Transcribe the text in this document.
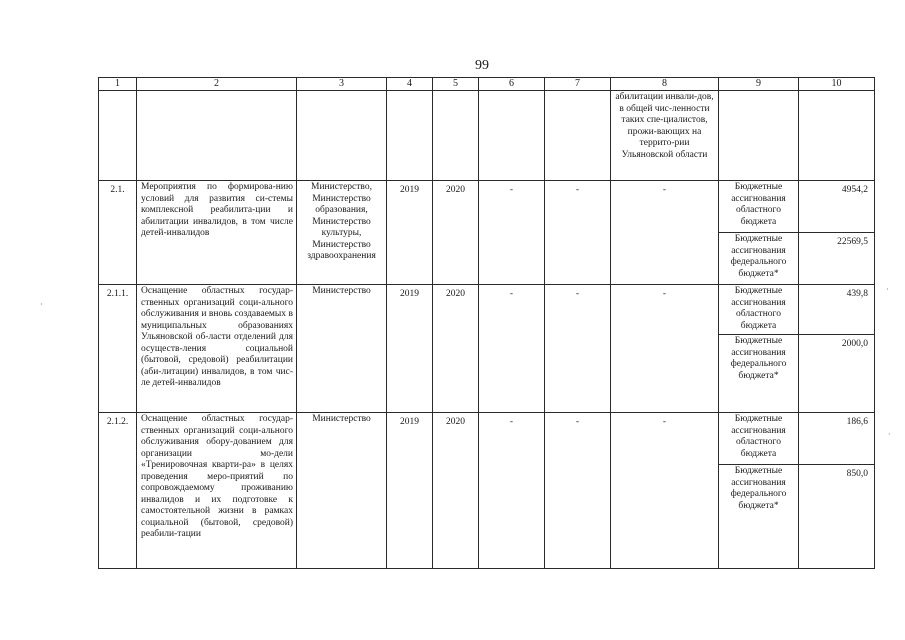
99
1	2	3	4	5	6	7	8	9	10
							абилитации инвали-дов, в общей чис-ленности таких спе-циалистов, прожи-вающих на террито-рии Ульяновской области		
2.1.	Мероприятия по формирова-нию условий для развития си-стемы комплексной реабилита-ции и абилитации инвалидов, в том числе детей-инвалидов	Министерство, Министерство образования, Министерство культуры, Министерство здравоохранения	2019	2020	-	-	-	Бюджетные ассигнования областного бюджета	4954,2
								Бюджетные ассигнования федерального бюджета*	22569,5
2.1.1.	Оснащение областных государ-ственных организаций соци-ального обслуживания и вновь создаваемых в муниципальных образованиях Ульяновской об-ласти отделений для осуществ-ления социальной (бытовой, средовой) реабилитации (аби-литации) инвалидов, в том чис-ле детей-инвалидов	Министерство	2019	2020	-	-	-	Бюджетные ассигнования областного бюджета	439,8
								Бюджетные ассигнования федерального бюджета*	2000,0
2.1.2.	Оснащение областных государ-ственных организаций соци-ального обслуживания обору-дованием для организации мо-дели «Тренировочная кварти-ра» в целях проведения меро-приятий по сопровождаемому проживанию инвалидов и их подготовке к самостоятельной жизни в рамках социальной (бытовой, средовой) реабили-тации	Министерство	2019	2020	-	-	-	Бюджетные ассигнования областного бюджета	186,6
								Бюджетные ассигнования федерального бюджета*	850,0
·
·
·
